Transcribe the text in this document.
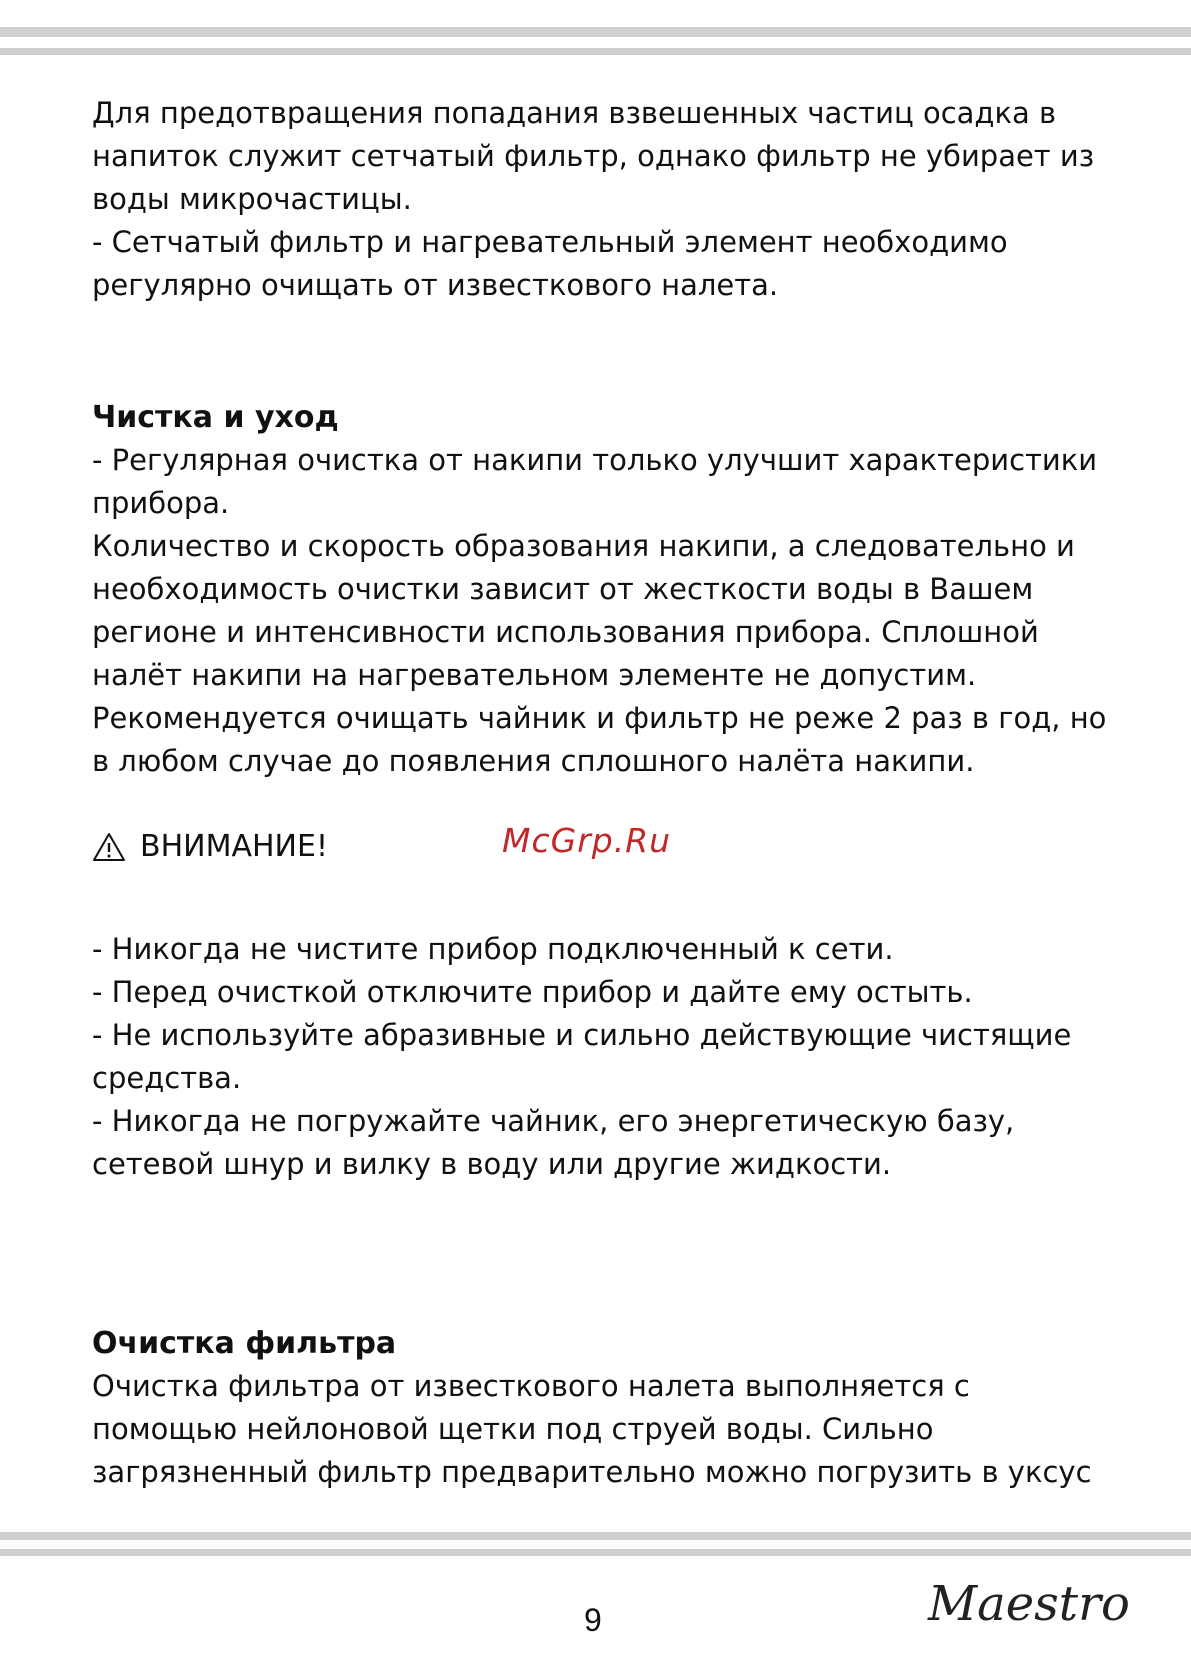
Для предотвращения попадания взвешенных частиц осадка в

напиток служит сетчатый фильтр, однако фильтр не убирает из

воды микрочастицы.

- Сетчатый фильтр и нагревательный элемент необходимо

регулярно очищать от известкового налета.

Чистка и уход

- Регулярная очистка от накипи только улучшит характеристики

прибора.

Количество и скорость образования накипи, а следовательно и

необходимость очистки зависит от жесткости воды в Вашем

регионе и интенсивности использования прибора. Сплошной

налёт накипи на нагревательном элементе не допустим.

Рекомендуется очищать чайник и фильтр не реже 2 раз в год, но

в любом случае до появления сплошного налёта накипи.

ВНИМАНИЕ!	McGrp.Ru

- Никогда не чистите прибор подключенный к сети.

- Перед очисткой отключите прибор и дайте ему остыть.

- Не используйте абразивные и сильно действующие чистящие

средства.

- Никогда не погружайте чайник, его энергетическую базу,

сетевой шнур и вилку в воду или другие жидкости.

Очистка фильтра

Очистка фильтра от известкового налета выполняется с

помощью нейлоновой щетки под струей воды. Сильно

загрязненный фильтр предварительно можно погрузить в уксус

9	Maestro
